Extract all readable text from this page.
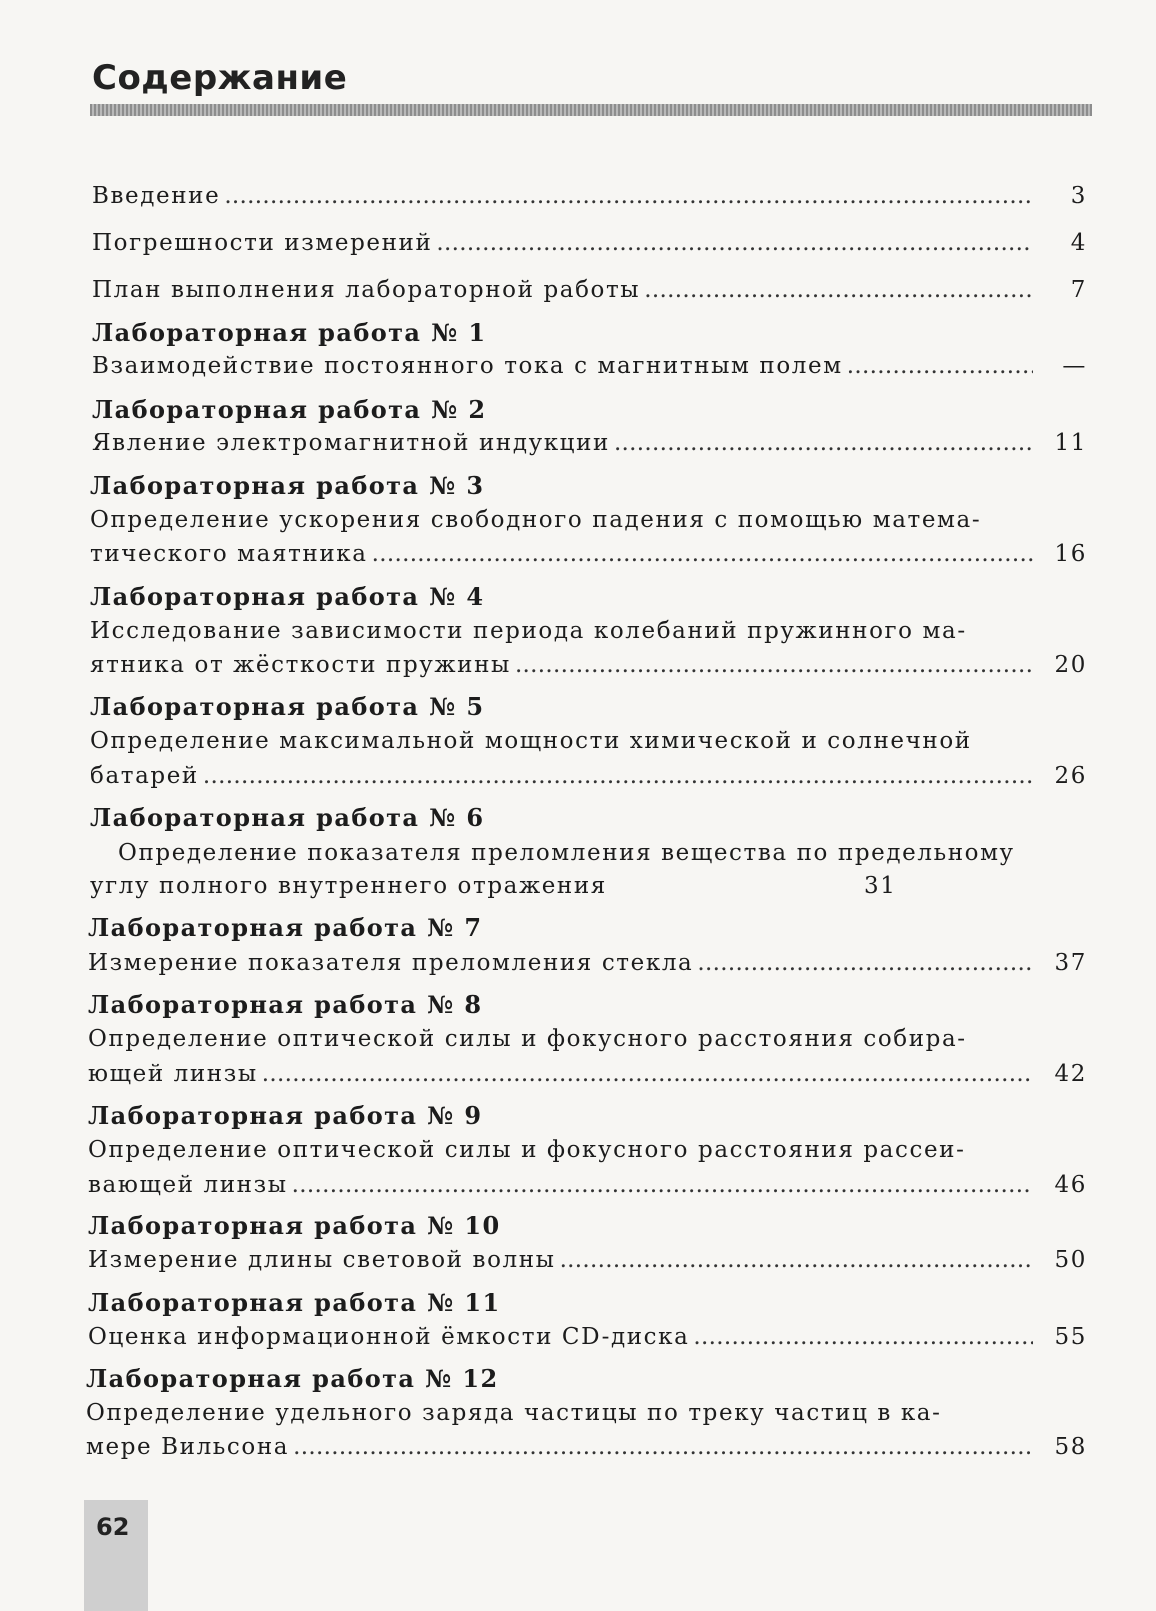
Содержание
Введение . . .	3
Погрешности измерений . . .	4
План выполнения лабораторной работы . . .	7
Лабораторная работа № 1
Взаимодействие постоянного тока с магнитным полем . . .	—
Лабораторная работа № 2
Явление электромагнитной индукции . . .	11
Лабораторная работа № 3
Определение ускорения свободного падения с помощью матема-
тического маятника . . .	16
Лабораторная работа № 4
Исследование зависимости периода колебаний пружинного ма-
ятника от жёсткости пружины . . .	20
Лабораторная работа № 5
Определение максимальной мощности химической и солнечной
батарей . . .	26
Лабораторная работа № 6
Определение показателя преломления вещества по предельному
углу полного внутреннего отражения	31
Лабораторная работа № 7
Измерение показателя преломления стекла . . .	37
Лабораторная работа № 8
Определение оптической силы и фокусного расстояния собира-
ющей линзы . . .	42
Лабораторная работа № 9
Определение оптической силы и фокусного расстояния рассеи-
вающей линзы . . .	46
Лабораторная работа № 10
Измерение длины световой волны . . .	50
Лабораторная работа № 11
Оценка информационной ёмкости CD-диска . . .	55
Лабораторная работа № 12
Определение удельного заряда частицы по треку частиц в ка-
мере Вильсона . . .	58
62
